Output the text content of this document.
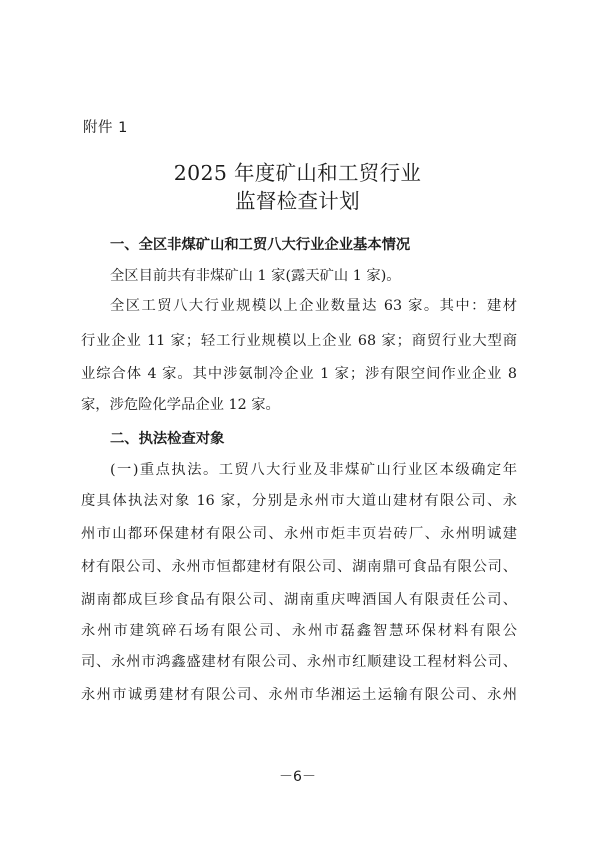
附件 1
2025 年度矿山和工贸行业
监督检查计划
一、全区非煤矿山和工贸八大行业企业基本情况
全区目前共有非煤矿山 1 家(露天矿山 1 家)。
全区工贸八大行业规模以上企业数量达 63 家。其中：建材
行业企业 11 家；轻工行业规模以上企业 68 家；商贸行业大型商
业综合体 4 家。其中涉氨制冷企业 1 家；涉有限空间作业企业 8
家，涉危险化学品企业 12 家。
二、执法检查对象
(一)重点执法。工贸八大行业及非煤矿山行业区本级确定年
度具体执法对象 16 家，分别是永州市大道山建材有限公司、永
州市山都环保建材有限公司、永州市炬丰页岩砖厂、永州明诚建
材有限公司、永州市恒都建材有限公司、湖南鼎可食品有限公司、
湖南都成巨珍食品有限公司、湖南重庆啤酒国人有限责任公司、
永州市建筑碎石场有限公司、永州市磊鑫智慧环保材料有限公
司、永州市鸿鑫盛建材有限公司、永州市红顺建设工程材料公司、
永州市诚勇建材有限公司、永州市华湘运土运输有限公司、永州
－6－
